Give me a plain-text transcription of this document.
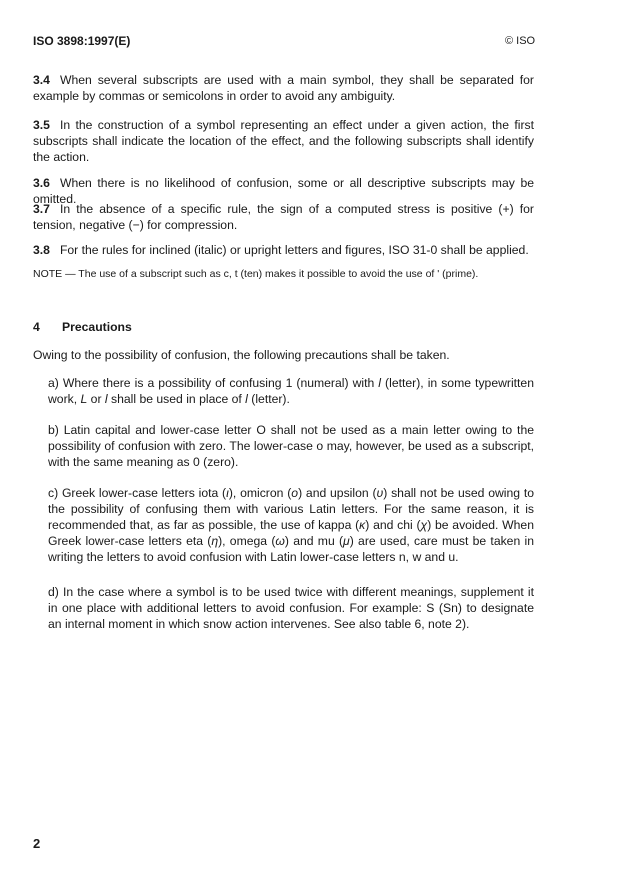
ISO 3898:1997(E)	© ISO
3.4 When several subscripts are used with a main symbol, they shall be separated for example by commas or semicolons in order to avoid any ambiguity.
3.5 In the construction of a symbol representing an effect under a given action, the first subscripts shall indicate the location of the effect, and the following subscripts shall identify the action.
3.6 When there is no likelihood of confusion, some or all descriptive subscripts may be omitted.
3.7 In the absence of a specific rule, the sign of a computed stress is positive (+) for tension, negative (−) for compression.
3.8 For the rules for inclined (italic) or upright letters and figures, ISO 31-0 shall be applied.
NOTE — The use of a subscript such as c, t (ten) makes it possible to avoid the use of ' (prime).
4 Precautions
Owing to the possibility of confusion, the following precautions shall be taken.
a) Where there is a possibility of confusing 1 (numeral) with l (letter), in some typewritten work, L or l shall be used in place of l (letter).
b) Latin capital and lower-case letter O shall not be used as a main letter owing to the possibility of confusion with zero. The lower-case o may, however, be used as a subscript, with the same meaning as 0 (zero).
c) Greek lower-case letters iota (ι), omicron (ο) and upsilon (υ) shall not be used owing to the possibility of confusing them with various Latin letters. For the same reason, it is recommended that, as far as possible, the use of kappa (κ) and chi (χ) be avoided. When Greek lower-case letters eta (η), omega (ω) and mu (μ) are used, care must be taken in writing the letters to avoid confusion with Latin lower-case letters n, w and u.
d) In the case where a symbol is to be used twice with different meanings, supplement it in one place with additional letters to avoid confusion. For example: S (Sn) to designate an internal moment in which snow action intervenes. See also table 6, note 2).
2
